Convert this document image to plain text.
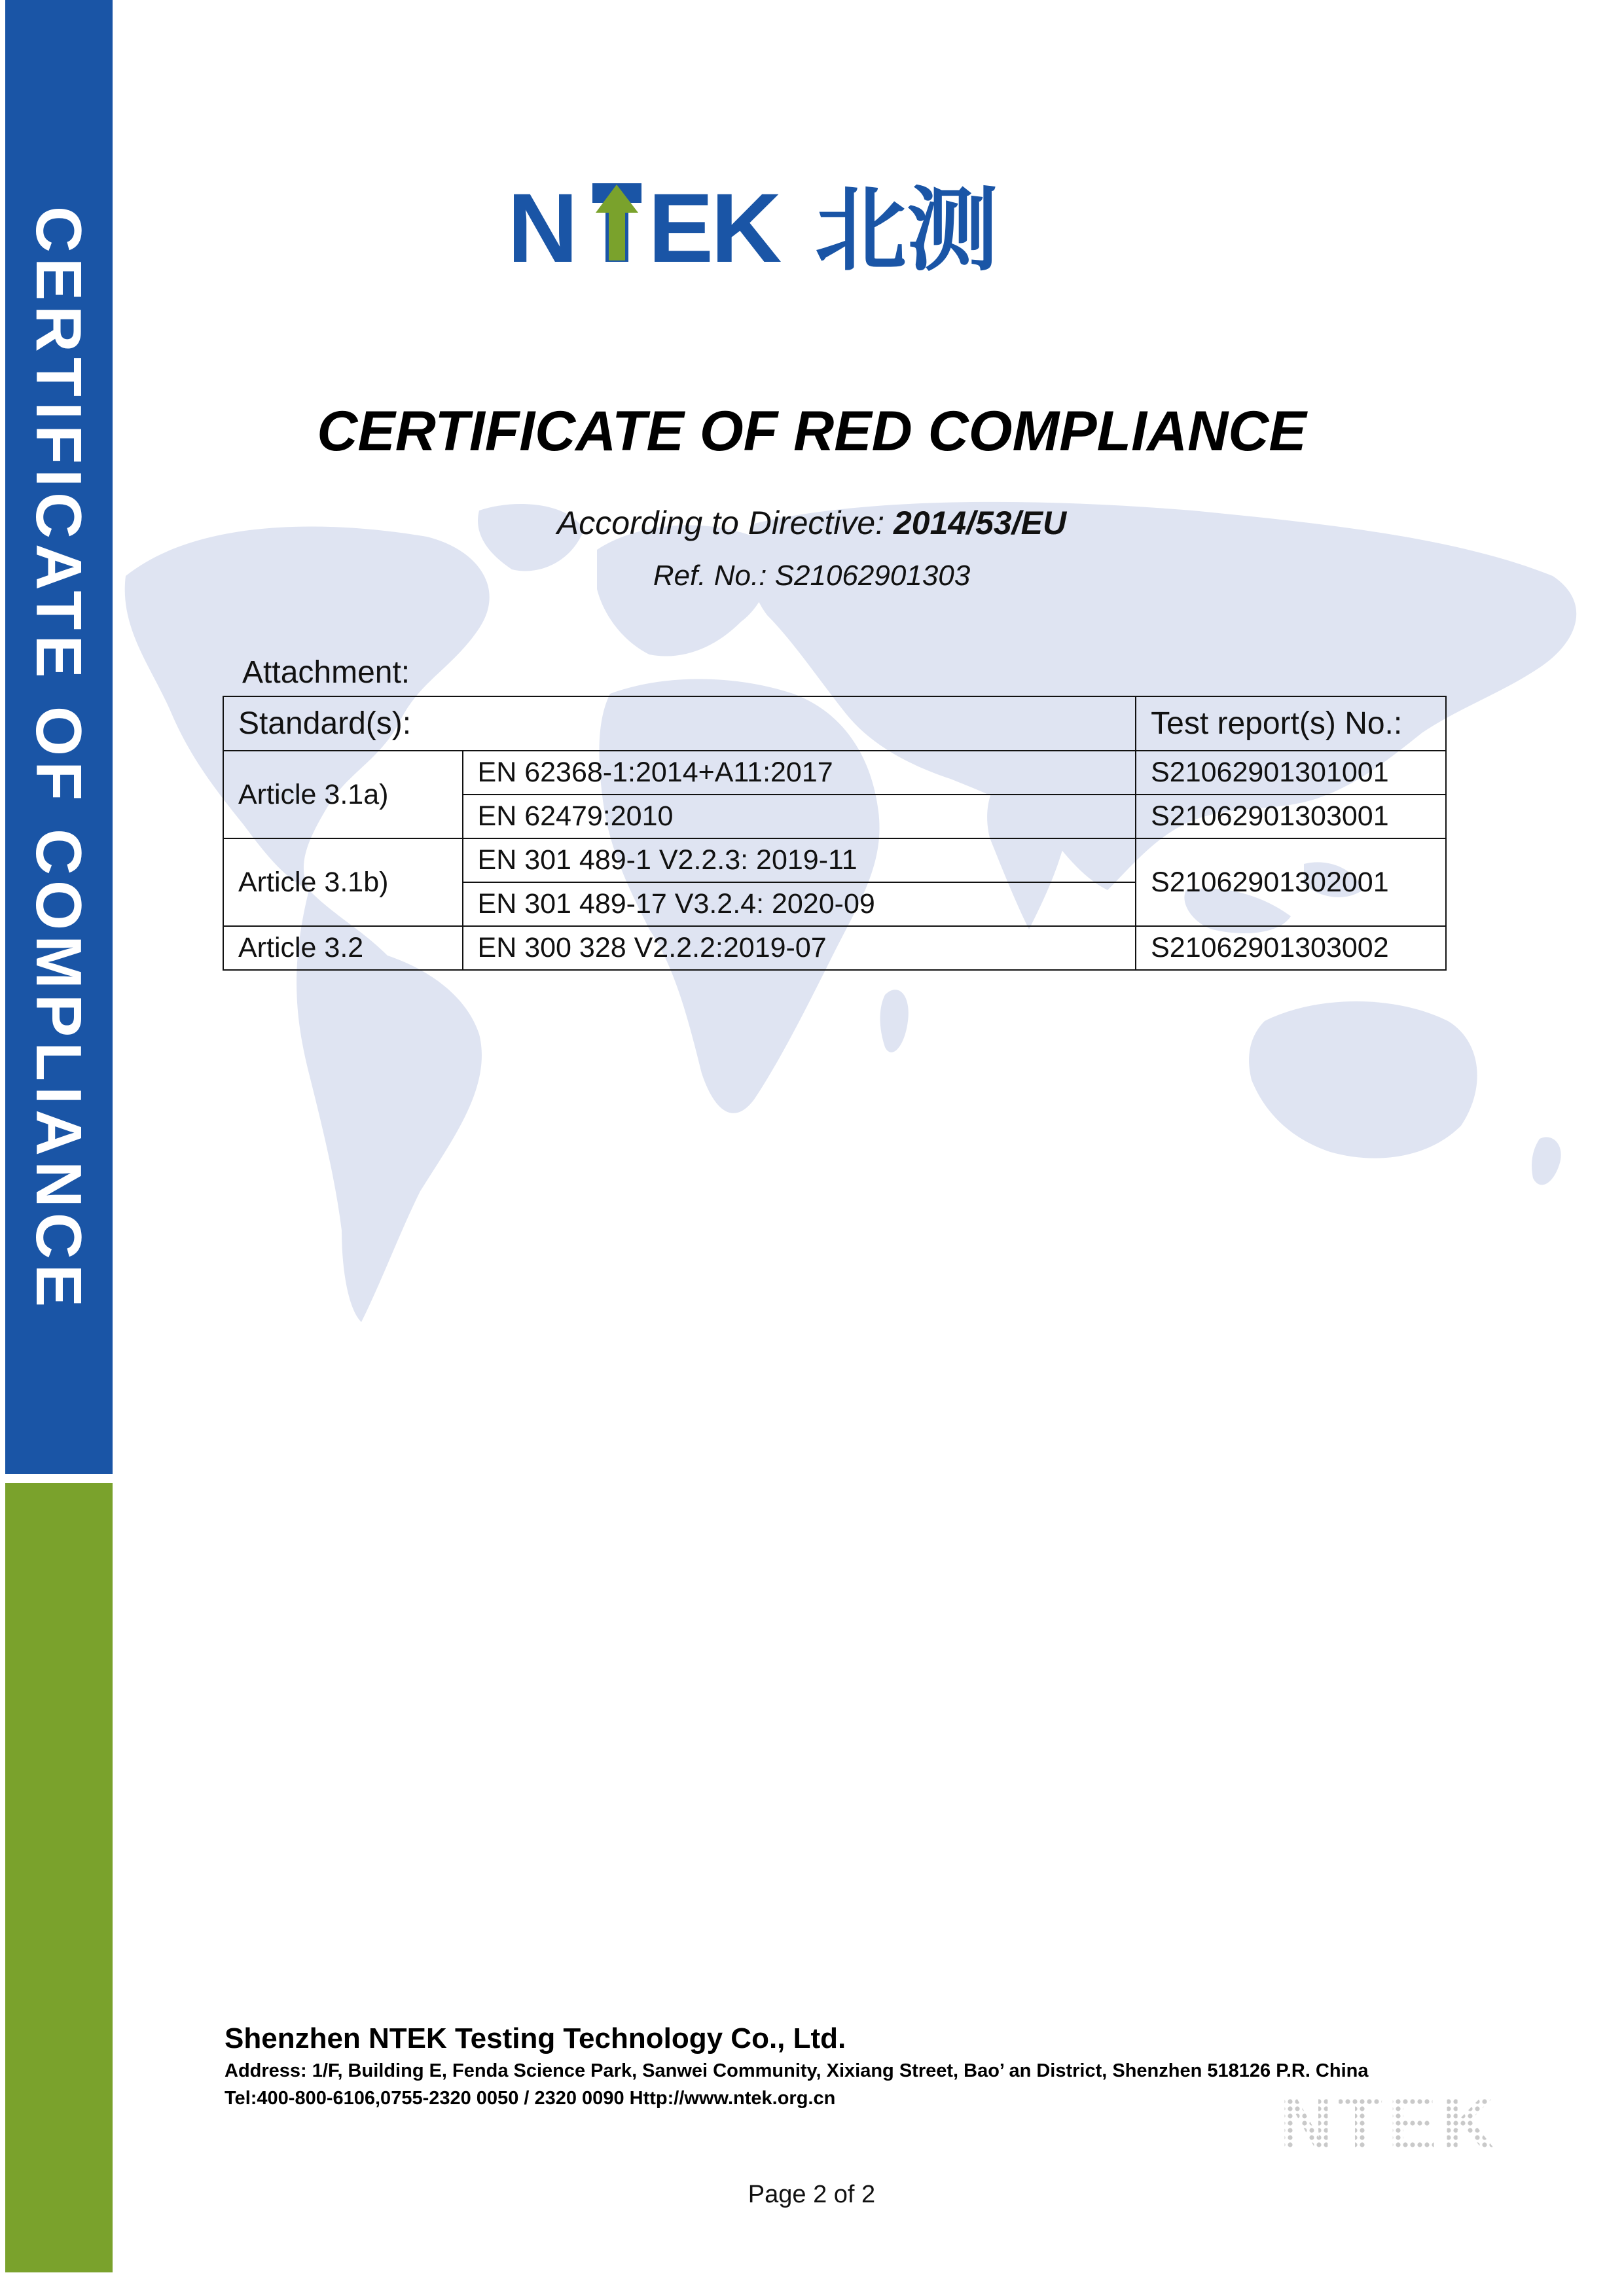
CERTIFICATE OF COMPLIANCE	N EK 北测
CERTIFICATE OF RED COMPLIANCE
According to Directive: 2014/53/EU
Ref. No.: S21062901303
Attachment:
Standard(s):		Test report(s) No.:
Article 3.1a)	EN 62368-1:2014+A11:2017	S21062901301001
	EN 62479:2010	S21062901303001
Article 3.1b)	EN 301 489-1 V2.2.3: 2019-11	S21062901302001
	EN 301 489-17 V3.2.4: 2020-09	
Article 3.2	EN 300 328 V2.2.2:2019-07	S21062901303002
Shenzhen NTEK Testing Technology Co., Ltd.
Address: 1/F, Building E, Fenda Science Park, Sanwei Community, Xixiang Street, Bao’ an District, Shenzhen 518126 P.R. China
Tel:400-800-6106,0755-2320 0050 / 2320 0090 Http://www.ntek.org.cn	NTEK
Page 2 of 2
